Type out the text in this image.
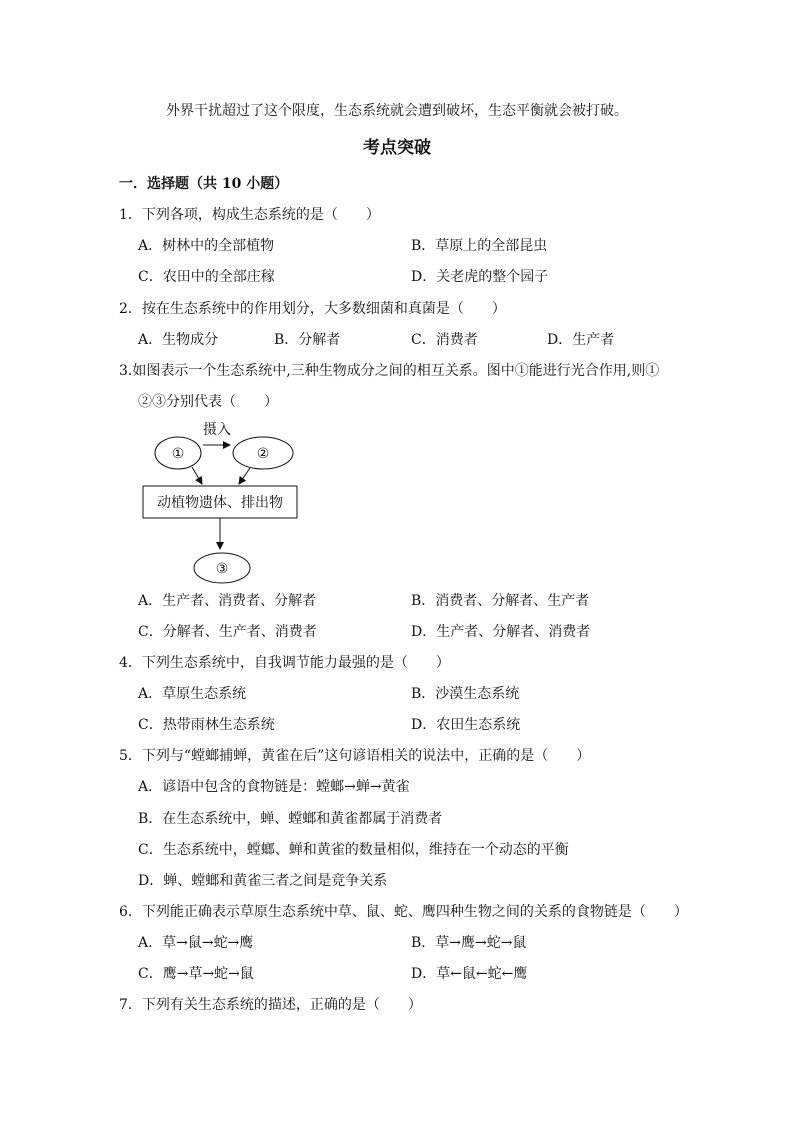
外界干扰超过了这个限度，生态系统就会遭到破坏，生态平衡就会被打破。
考点突破
一．选择题（共 10 小题）
1．下列各项，构成生态系统的是（　　）
A．树林中的全部植物	B．草原上的全部昆虫
C．农田中的全部庄稼	D．关老虎的整个园子
2．按在生态系统中的作用划分，大多数细菌和真菌是（　　）
A．生物成分	B．分解者	C．消费者	D．生产者
3.如图表示一个生态系统中,三种生物成分之间的相互关系。图中①能进行光合作用,则①
②③分别代表（　　）
①	②
摄入
动植物遗体、排出物
③
A．生产者、消费者、分解者	B．消费者、分解者、生产者
C．分解者、生产者、消费者	D．生产者、分解者、消费者
4．下列生态系统中，自我调节能力最强的是（　　）
A．草原生态系统	B．沙漠生态系统
C．热带雨林生态系统	D．农田生态系统
5．下列与“螳螂捕蝉，黄雀在后”这句谚语相关的说法中，正确的是（　　）
A．谚语中包含的食物链是：螳螂→蝉→黄雀
B．在生态系统中，蝉、螳螂和黄雀都属于消费者
C．生态系统中，螳螂、蝉和黄雀的数量相似，维持在一个动态的平衡
D．蝉、螳螂和黄雀三者之间是竞争关系
6．下列能正确表示草原生态系统中草、鼠、蛇、鹰四种生物之间的关系的食物链是（　　）
A．草→鼠→蛇→鹰	B．草→鹰→蛇→鼠
C．鹰→草→蛇→鼠	D．草←鼠←蛇←鹰
7．下列有关生态系统的描述，正确的是（　　）
